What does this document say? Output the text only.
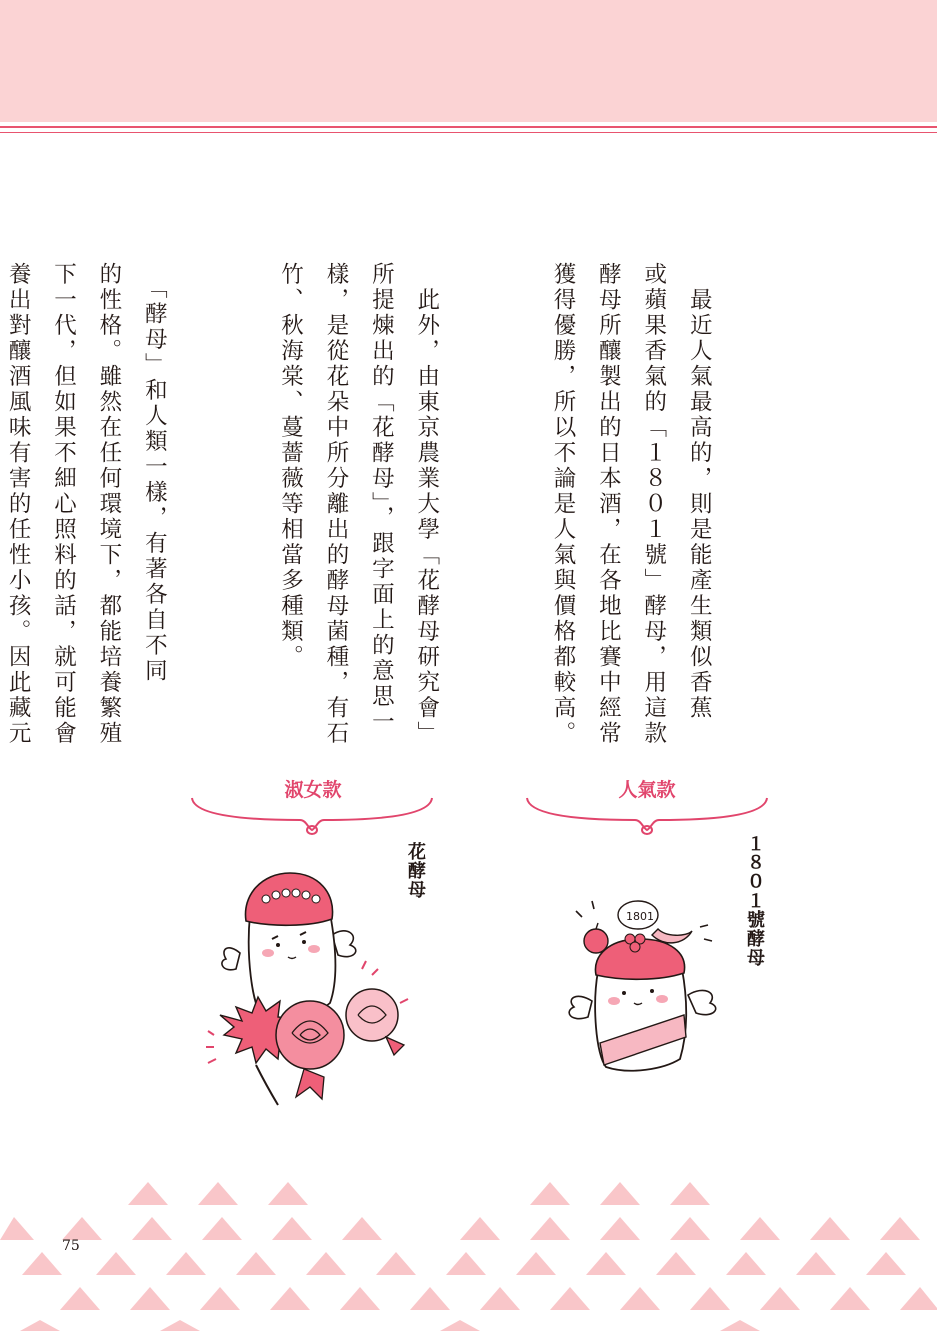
　最近人氣最高的，則是能產生類似香蕉
或蘋果香氣的「１８０１號」酵母，用這款
酵母所釀製出的日本酒，在各地比賽中經常
獲得優勝，所以不論是人氣與價格都較高。

　此外，由東京農業大學「花酵母研究會」
所提煉出的「花酵母」，跟字面上的意思一
樣，是從花朵中所分離出的酵母菌種，有石
竹、秋海棠、蔓薔薇等相當多種類。

　「酵母」和人類一樣，有著各自不同
的性格。雖然在任何環境下，都能培養繁殖
下一代，但如果不細心照料的話，就可能會
養出對釀酒風味有害的任性小孩。因此藏元

淑女款	人氣款
花酵母	１８０１號酵母
1801
75
